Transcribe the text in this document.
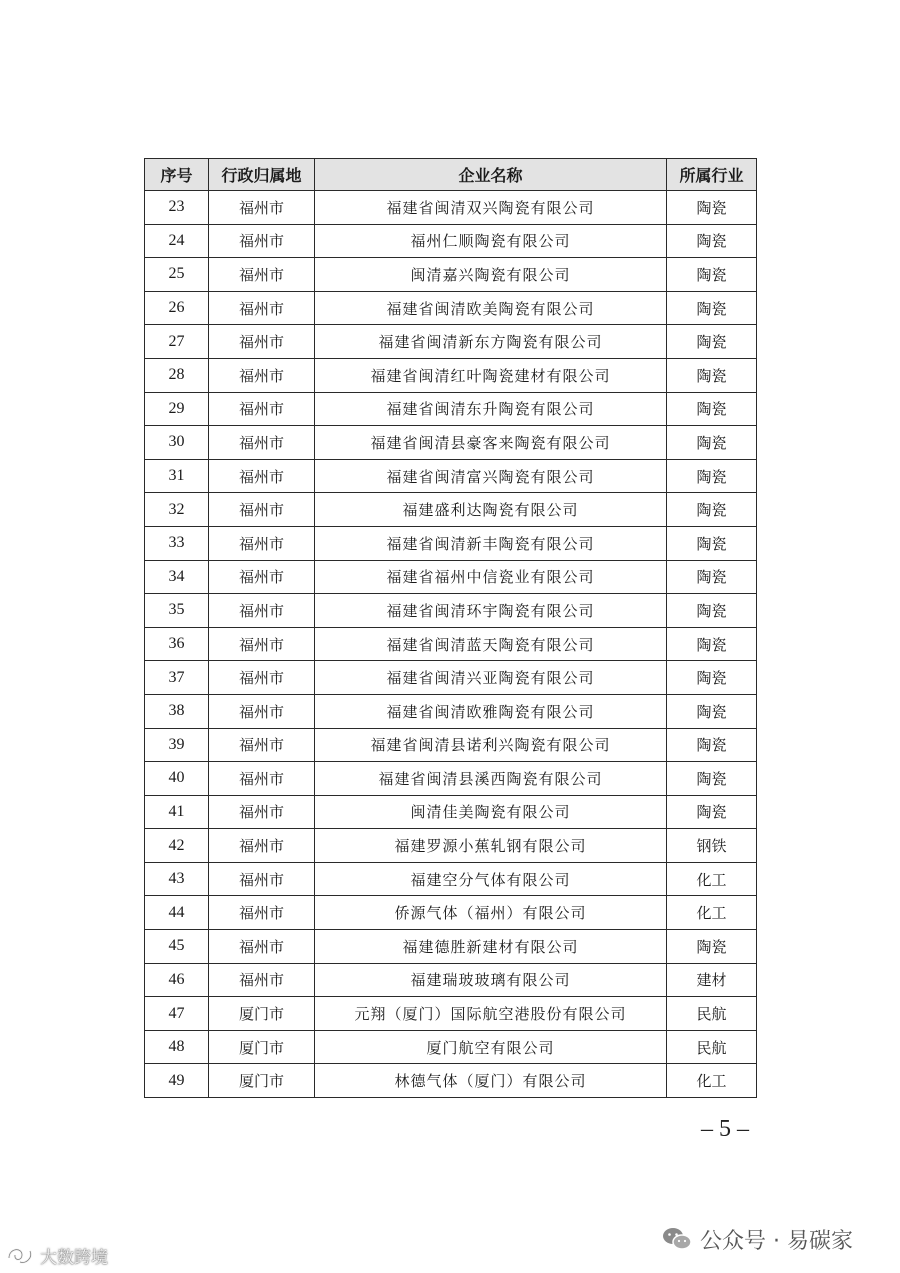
序号	行政归属地	企业名称	所属行业
23	福州市	福建省闽清双兴陶瓷有限公司	陶瓷
24	福州市	福州仁顺陶瓷有限公司	陶瓷
25	福州市	闽清嘉兴陶瓷有限公司	陶瓷
26	福州市	福建省闽清欧美陶瓷有限公司	陶瓷
27	福州市	福建省闽清新东方陶瓷有限公司	陶瓷
28	福州市	福建省闽清红叶陶瓷建材有限公司	陶瓷
29	福州市	福建省闽清东升陶瓷有限公司	陶瓷
30	福州市	福建省闽清县豪客来陶瓷有限公司	陶瓷
31	福州市	福建省闽清富兴陶瓷有限公司	陶瓷
32	福州市	福建盛利达陶瓷有限公司	陶瓷
33	福州市	福建省闽清新丰陶瓷有限公司	陶瓷
34	福州市	福建省福州中信瓷业有限公司	陶瓷
35	福州市	福建省闽清环宇陶瓷有限公司	陶瓷
36	福州市	福建省闽清蓝天陶瓷有限公司	陶瓷
37	福州市	福建省闽清兴亚陶瓷有限公司	陶瓷
38	福州市	福建省闽清欧雅陶瓷有限公司	陶瓷
39	福州市	福建省闽清县诺利兴陶瓷有限公司	陶瓷
40	福州市	福建省闽清县溪西陶瓷有限公司	陶瓷
41	福州市	闽清佳美陶瓷有限公司	陶瓷
42	福州市	福建罗源小蕉轧钢有限公司	钢铁
43	福州市	福建空分气体有限公司	化工
44	福州市	侨源气体（福州）有限公司	化工
45	福州市	福建德胜新建材有限公司	陶瓷
46	福州市	福建瑞玻玻璃有限公司	建材
47	厦门市	元翔（厦门）国际航空港股份有限公司	民航
48	厦门市	厦门航空有限公司	民航
49	厦门市	林德气体（厦门）有限公司	化工
– 5 –
公众号 · 易碳家
大数跨境
